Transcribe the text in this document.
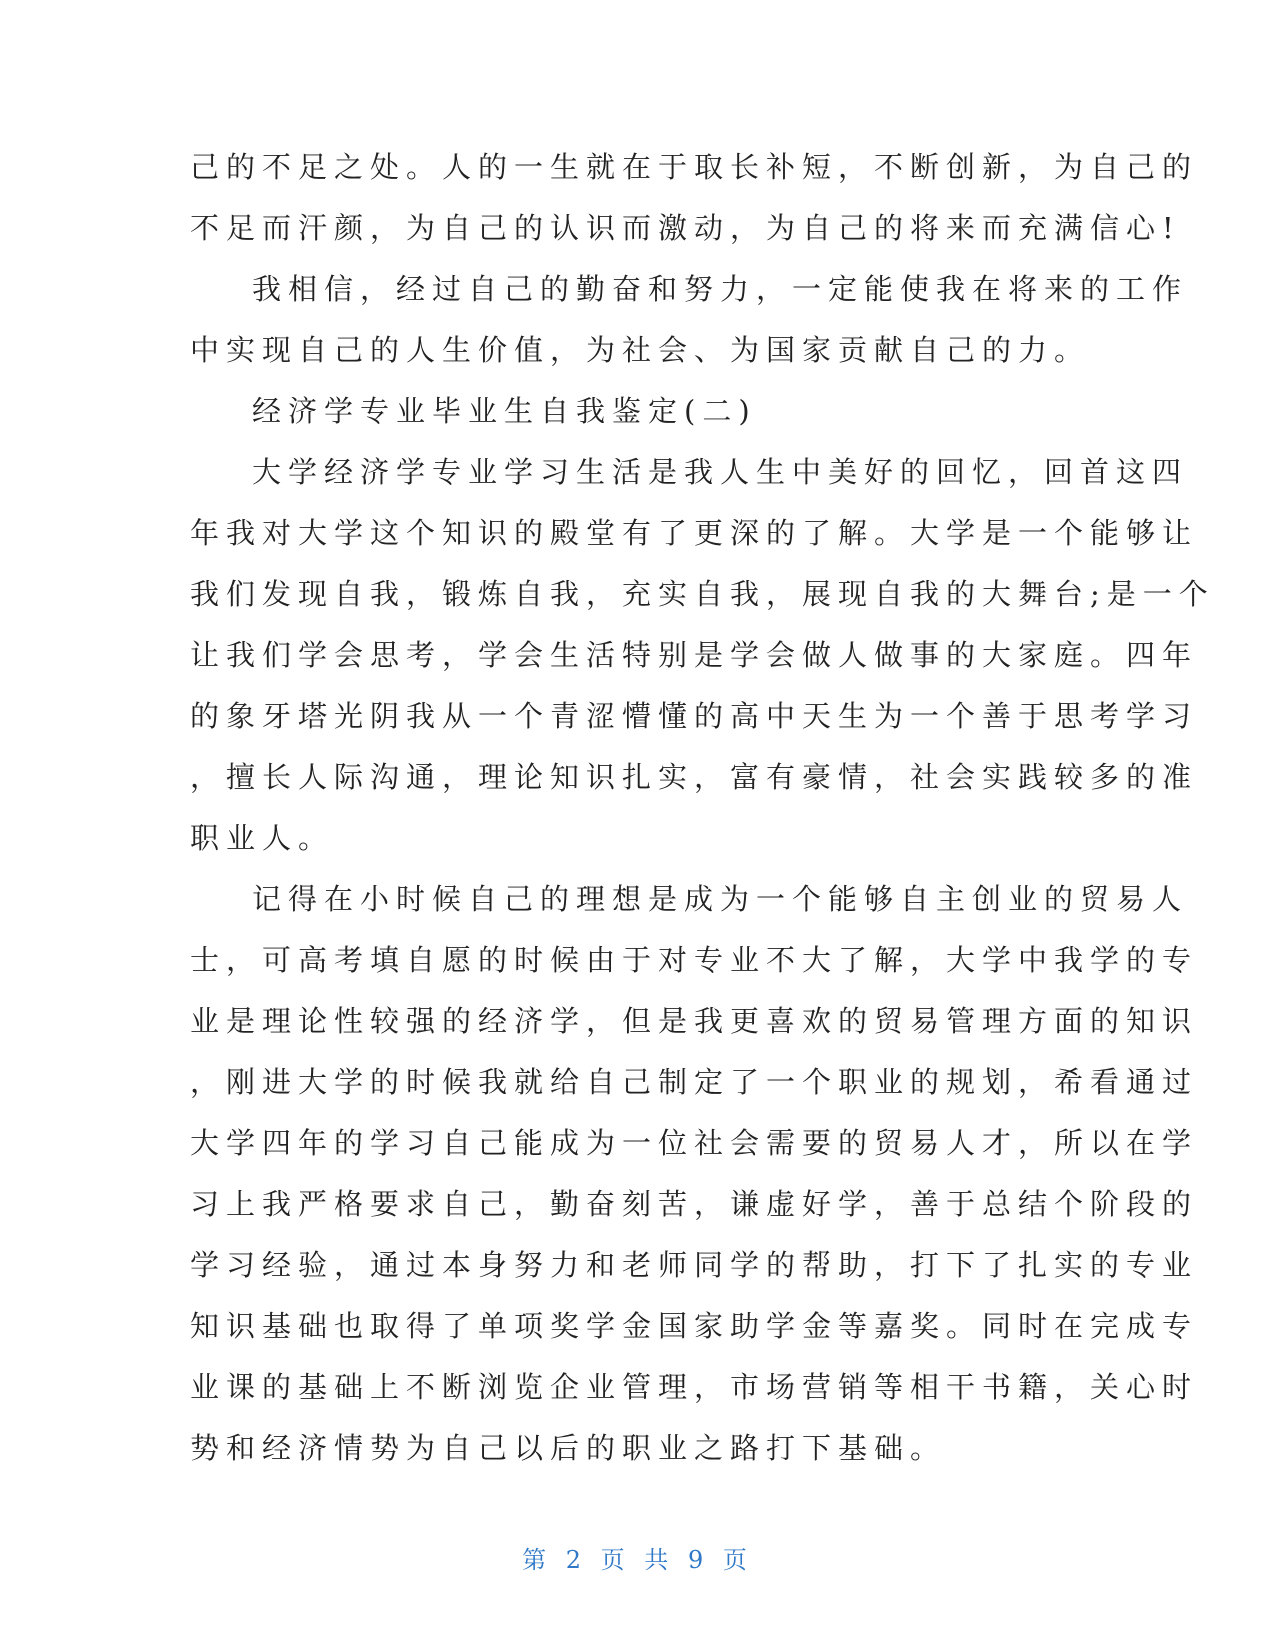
己的不足之处。人的一生就在于取长补短，不断创新，为自己的

不足而汗颜，为自己的认识而激动，为自己的将来而充满信心!

我相信，经过自己的勤奋和努力，一定能使我在将来的工作

中实现自己的人生价值，为社会、为国家贡献自己的力。

经济学专业毕业生自我鉴定(二)

大学经济学专业学习生活是我人生中美好的回忆，回首这四

年我对大学这个知识的殿堂有了更深的了解。大学是一个能够让

我们发现自我，锻炼自我，充实自我，展现自我的大舞台;是一个

让我们学会思考，学会生活特别是学会做人做事的大家庭。四年

的象牙塔光阴我从一个青涩懵懂的高中天生为一个善于思考学习

，擅长人际沟通，理论知识扎实，富有豪情，社会实践较多的准

职业人。

记得在小时候自己的理想是成为一个能够自主创业的贸易人

士，可高考填自愿的时候由于对专业不大了解，大学中我学的专

业是理论性较强的经济学，但是我更喜欢的贸易管理方面的知识

，刚进大学的时候我就给自己制定了一个职业的规划，希看通过

大学四年的学习自己能成为一位社会需要的贸易人才，所以在学

习上我严格要求自己，勤奋刻苦，谦虚好学，善于总结个阶段的

学习经验，通过本身努力和老师同学的帮助，打下了扎实的专业

知识基础也取得了单项奖学金国家助学金等嘉奖。同时在完成专

业课的基础上不断浏览企业管理，市场营销等相干书籍，关心时

势和经济情势为自己以后的职业之路打下基础。

第 2 页 共 9 页
